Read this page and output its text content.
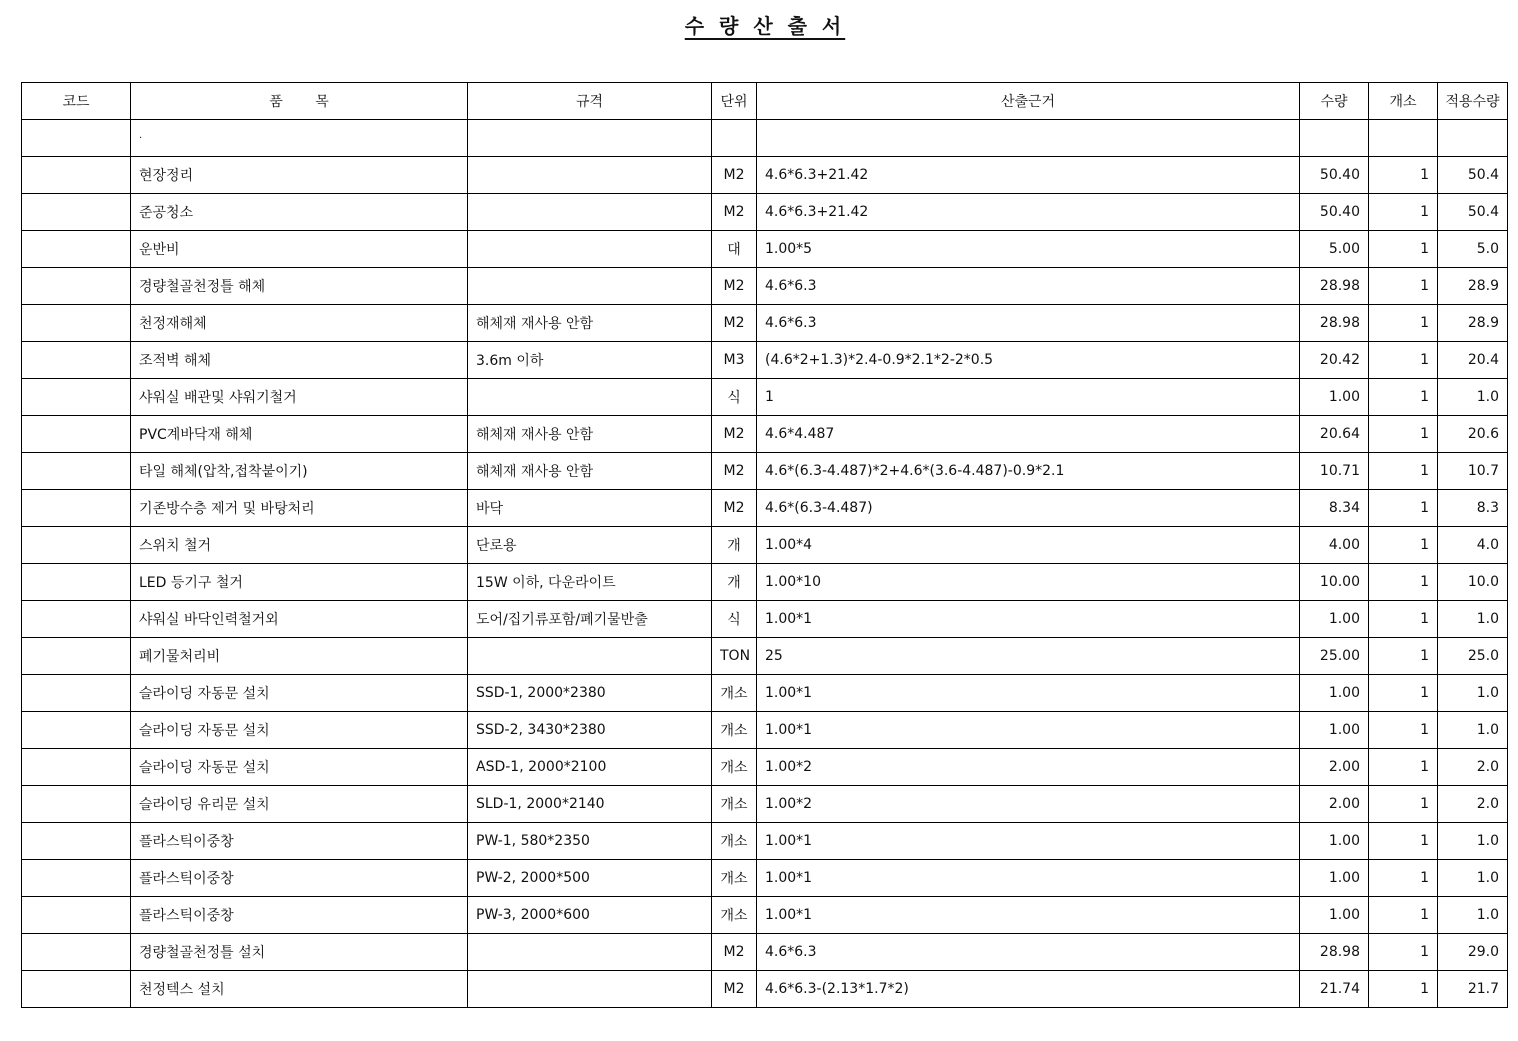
수 량 산 출 서
코드	품 목	규격	단위	산출근거	수량	개소	적용수량
	.						
	현장정리		M2	4.6*6.3+21.42	50.40	1	50.4
	준공청소		M2	4.6*6.3+21.42	50.40	1	50.4
	운반비		대	1.00*5	5.00	1	5.0
	경량철골천정틀 해체		M2	4.6*6.3	28.98	1	28.9
	천정재해체	해체재 재사용 안함	M2	4.6*6.3	28.98	1	28.9
	조적벽 해체	3.6m 이하	M3	(4.6*2+1.3)*2.4-0.9*2.1*2-2*0.5	20.42	1	20.4
	샤워실 배관및 샤워기철거		식	1	1.00	1	1.0
	PVC계바닥재 해체	해체재 재사용 안함	M2	4.6*4.487	20.64	1	20.6
	타일 해체(압착,접착붙이기)	해체재 재사용 안함	M2	4.6*(6.3-4.487)*2+4.6*(3.6-4.487)-0.9*2.1	10.71	1	10.7
	기존방수층 제거 및 바탕처리	바닥	M2	4.6*(6.3-4.487)	8.34	1	8.3
	스위치 철거	단로용	개	1.00*4	4.00	1	4.0
	LED 등기구 철거	15W 이하, 다운라이트	개	1.00*10	10.00	1	10.0
	샤워실 바닥인력철거외	도어/집기류포함/폐기물반출	식	1.00*1	1.00	1	1.0
	폐기물처리비		TON	25	25.00	1	25.0
	슬라이딩 자동문 설치	SSD-1, 2000*2380	개소	1.00*1	1.00	1	1.0
	슬라이딩 자동문 설치	SSD-2, 3430*2380	개소	1.00*1	1.00	1	1.0
	슬라이딩 자동문 설치	ASD-1, 2000*2100	개소	1.00*2	2.00	1	2.0
	슬라이딩 유리문 설치	SLD-1, 2000*2140	개소	1.00*2	2.00	1	2.0
	플라스틱이중창	PW-1, 580*2350	개소	1.00*1	1.00	1	1.0
	플라스틱이중창	PW-2, 2000*500	개소	1.00*1	1.00	1	1.0
	플라스틱이중창	PW-3, 2000*600	개소	1.00*1	1.00	1	1.0
	경량철골천정틀 설치		M2	4.6*6.3	28.98	1	29.0
	천정텍스 설치		M2	4.6*6.3-(2.13*1.7*2)	21.74	1	21.7
